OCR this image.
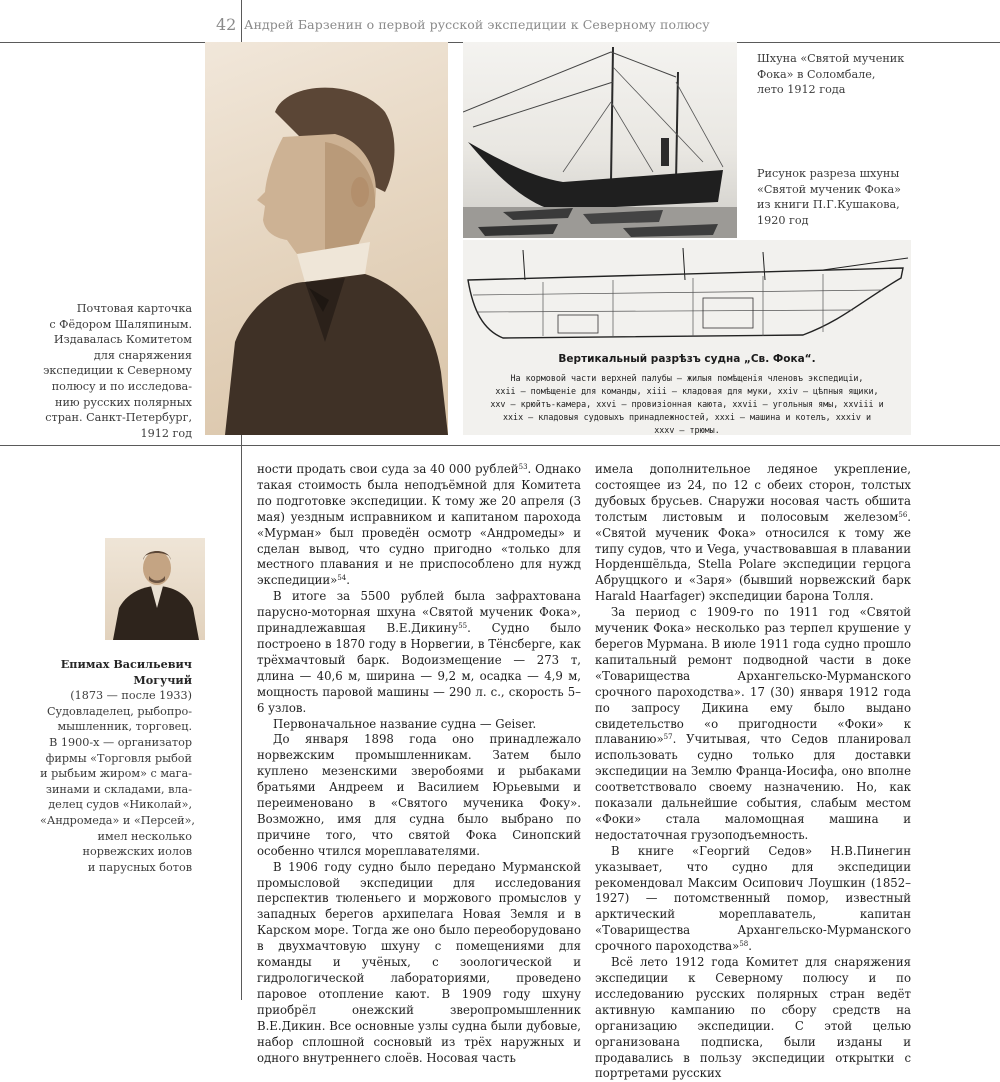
42 Андрей Барзенин о первой русской экспедиции к Северному полюсу
Вертикальный разрѣзъ судна „Св. Фока“.
На кормовой части верхней палубы — жилыя помѣщенія членовъ экспедиціи,
xxii — помѣщеніе для команды, xiii — кладовая для муки, xxiv — цѣпныя ящики,
xxv — крюйтъ-камера, xxvi — провизіонная каюта, xxvii — угольныя ямы, xxviii и
xxix — кладовыя судовыхъ принадлежностей, xxxi — машина и котелъ, xxxiv и
xxxv — трюмы.
Шхуна «Святой мученик
Фока» в Соломбале,
лето 1912 года
Рисунок разреза шхуны
«Святой мученик Фока»
из книги П.Г.Кушакова,
1920 год
Почтовая карточка
с Фёдором Шаляпиным.
Издавалась Комитетом
для снаряжения
экспедиции к Северному
полюсу и по исследова-
нию русских полярных
стран. Санкт-Петербург,
1912 год
Епимах Васильевич
Могучий
(1873 — после 1933)
Судовладелец, рыбопро-
мышленник, торговец.
В 1900-х — организатор
фирмы «Торговля рыбой
и рыбьим жиром» с мага-
зинами и складами, вла-
делец судов «Николай»,
«Андромеда» и «Персей»,
имел несколько
норвежских иолов
и парусных ботов

ности продать свои суда за 40 000 рублей$^{53}$. Однако такая стоимость была неподъёмной для Комитета по подготовке экспедиции. К тому же 20 апреля (3 мая) уездным исправником и капитаном парохода «Мурман» был проведён осмотр «Андромеды» и сделан вывод, что судно пригодно «только для местного плавания и не приспособлено для нужд экспедиции»$^{54}$.

В итоге за 5500 рублей была зафрахтована парусно-моторная шхуна «Святой мученик Фока», принадлежавшая В.Е.Дикину$^{55}$. Судно было построено в 1870 году в Норвегии, в Тёнсберге, как трёхмачтовый барк. Водоизмещение — 273 т, длина — 40,6 м, ширина — 9,2 м, осадка — 4,9 м, мощность паровой машины — 290 л. с., скорость 5–6 узлов.

Первоначальное название судна — Geiser.

До января 1898 года оно принадлежало норвежским промышленникам. Затем было куплено мезенскими зверобоями и рыбаками братьями Андреем и Василием Юрьевыми и переименовано в «Святого мученика Фоку». Возможно, имя для судна было выбрано по причине того, что святой Фока Синопский особенно чтился мореплавателями.

В 1906 году судно было передано Мурманской промысловой экспедиции для исследования перспектив тюленьего и моржового промыслов у западных берегов архипелага Новая Земля и в Карском море. Тогда же оно было переоборудовано в двухмачтовую шхуну с помещениями для команды и учёных, с зоологической и гидрологической лабораториями, проведено паровое отопление кают. В 1909 году шхуну приобрёл онежский зверопромышленник В.Е.Дикин. Все основные узлы судна были дубовые, набор сплошной сосновый из трёх наружных и одного внутреннего слоёв. Носовая часть

имела дополнительное ледяное укрепление, состоящее из 24, по 12 с обеих сторон, толстых дубовых брусьев. Снаружи носовая часть обшита толстым листовым и полосовым железом$^{56}$. «Святой мученик Фока» относился к тому же типу судов, что и Vega, участвовавшая в плавании Норденшёльда, Stella Polare экспедиции герцога Абруццкого и «Заря» (бывший норвежский барк Harald Haarfager) экспедиции барона Толля.

За период с 1909-го по 1911 год «Святой мученик Фока» несколько раз терпел крушение у берегов Мурмана. В июле 1911 года судно прошло капитальный ремонт подводной части в доке «Товарищества Архангельско-Мурманского срочного пароходства». 17 (30) января 1912 года по запросу Дикина ему было выдано свидетельство «о пригодности «Фоки» к плаванию»$^{57}$. Учитывая, что Седов планировал использовать судно только для доставки экспедиции на Землю Франца-Иосифа, оно вполне соответствовало своему назначению. Но, как показали дальнейшие события, слабым местом «Фоки» стала маломощная машина и недостаточная грузоподъемность.

В книге «Георгий Седов» Н.В.Пинегин указывает, что судно для экспедиции рекомендовал Максим Осипович Лоушкин (1852–1927) — потомственный помор, известный арктический мореплаватель, капитан «Товарищества Архангельско-Мурманского срочного пароходства»$^{58}$.

Всё лето 1912 года Комитет для снаряжения экспедиции к Северному полюсу и по исследованию русских полярных стран ведёт активную кампанию по сбору средств на организацию экспедиции. С этой целью организована подписка, были изданы и продавались в пользу экспедиции открытки с портретами русских
